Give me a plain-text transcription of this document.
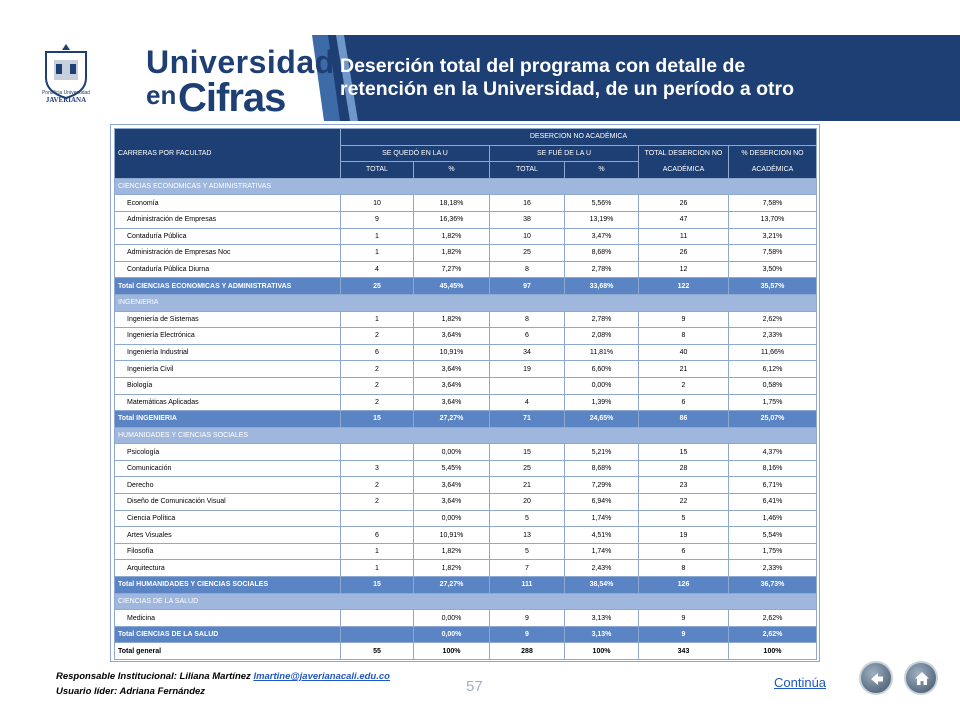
Pontificia Universidad
JAVERIANA
Universidad
en Cifras
Deserción total del programa con detalle de
retención en la Universidad, de un período a otro
CARRERAS POR FACULTAD	DESERCION NO ACADÉMICA					
	SE QUEDÓ EN LA U		SE FUÉ DE LA U		TOTAL DESERCION NO ACADÉMICA	% DESERCION NO ACADÉMICA
	TOTAL	%	TOTAL	%		
CIENCIAS ECONOMICAS Y ADMINISTRATIVAS						
Economía	10	18,18%	16	5,56%	26	7,58%
Administración de Empresas	9	16,36%	38	13,19%	47	13,70%
Contaduría Pública	1	1,82%	10	3,47%	11	3,21%
Administración de Empresas Noc	1	1,82%	25	8,68%	26	7,58%
Contaduría Pública Diurna	4	7,27%	8	2,78%	12	3,50%
Total CIENCIAS ECONOMICAS Y ADMINISTRATIVAS	25	45,45%	97	33,68%	122	35,57%
INGENIERIA						
Ingeniería de Sistemas	1	1,82%	8	2,78%	9	2,62%
Ingeniería Electrónica	2	3,64%	6	2,08%	8	2,33%
Ingeniería Industrial	6	10,91%	34	11,81%	40	11,66%
Ingeniería Civil	2	3,64%	19	6,60%	21	6,12%
Biología	2	3,64%		0,00%	2	0,58%
Matemáticas Aplicadas	2	3,64%	4	1,39%	6	1,75%
Total INGENIERIA	15	27,27%	71	24,65%	86	25,07%
HUMANIDADES Y CIENCIAS SOCIALES						
Psicología		0,00%	15	5,21%	15	4,37%
Comunicación	3	5,45%	25	8,68%	28	8,16%
Derecho	2	3,64%	21	7,29%	23	6,71%
Diseño de Comunicación Visual	2	3,64%	20	6,94%	22	6,41%
Ciencia Política		0,00%	5	1,74%	5	1,46%
Artes Visuales	6	10,91%	13	4,51%	19	5,54%
Filosofía	1	1,82%	5	1,74%	6	1,75%
Arquitectura	1	1,82%	7	2,43%	8	2,33%
Total HUMANIDADES Y CIENCIAS SOCIALES	15	27,27%	111	38,54%	126	36,73%
CIENCIAS DE LA SALUD						
Medicina		0,00%	9	3,13%	9	2,62%
Total CIENCIAS DE LA SALUD		0,00%	9	3,13%	9	2,62%
Total general	55	100%	288	100%	343	100%
Responsable Institucional: Liliana Martínez lmartine@javerianacali.edu.co
Usuario líder: Adriana Fernández	57	Continúa
